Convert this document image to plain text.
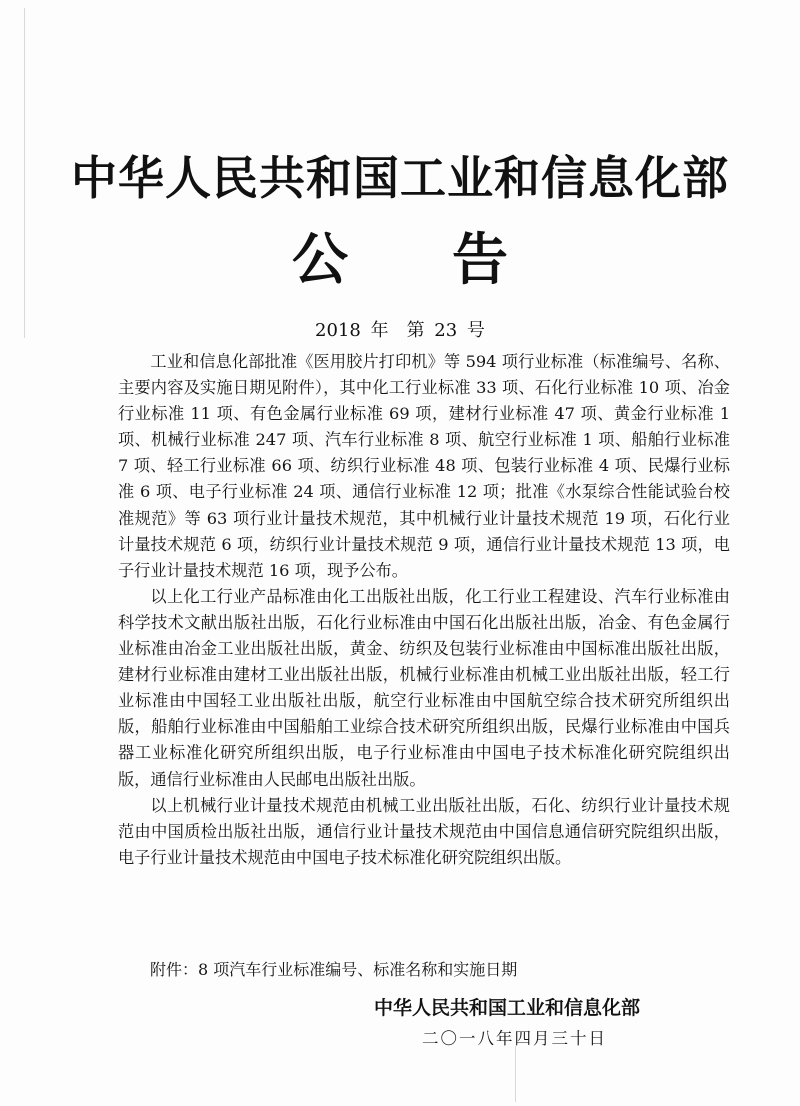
中华人民共和国工业和信息化部
公 告
2018 年　第 23 号

工业和信息化部批准《医用胶片打印机》等 594 项行业标准（标准编号、名称、主要内容及实施日期见附件），其中化工行业标准 33 项、石化行业标准 10 项、冶金行业标准 11 项、有色金属行业标准 69 项，建材行业标准 47 项、黄金行业标准 1 项、机械行业标准 247 项、汽车行业标准 8 项、航空行业标准 1 项、船舶行业标准 7 项、轻工行业标准 66 项、纺织行业标准 48 项、包装行业标准 4 项、民爆行业标准 6 项、电子行业标准 24 项、通信行业标准 12 项；批准《水泵综合性能试验台校准规范》等 63 项行业计量技术规范，其中机械行业计量技术规范 19 项，石化行业计量技术规范 6 项，纺织行业计量技术规范 9 项，通信行业计量技术规范 13 项，电子行业计量技术规范 16 项，现予公布。

以上化工行业产品标准由化工出版社出版，化工行业工程建设、汽车行业标准由科学技术文献出版社出版，石化行业标准由中国石化出版社出版，冶金、有色金属行业标准由冶金工业出版社出版，黄金、纺织及包装行业标准由中国标准出版社出版，建材行业标准由建材工业出版社出版，机械行业标准由机械工业出版社出版，轻工行业标准由中国轻工业出版社出版，航空行业标准由中国航空综合技术研究所组织出版，船舶行业标准由中国船舶工业综合技术研究所组织出版，民爆行业标准由中国兵器工业标准化研究所组织出版，电子行业标准由中国电子技术标准化研究院组织出版，通信行业标准由人民邮电出版社出版。

以上机械行业计量技术规范由机械工业出版社出版，石化、纺织行业计量技术规范由中国质检出版社出版，通信行业计量技术规范由中国信息通信研究院组织出版，电子行业计量技术规范由中国电子技术标准化研究院组织出版。

附件：8 项汽车行业标准编号、标准名称和实施日期
中华人民共和国工业和信息化部
二〇一八年四月三十日
